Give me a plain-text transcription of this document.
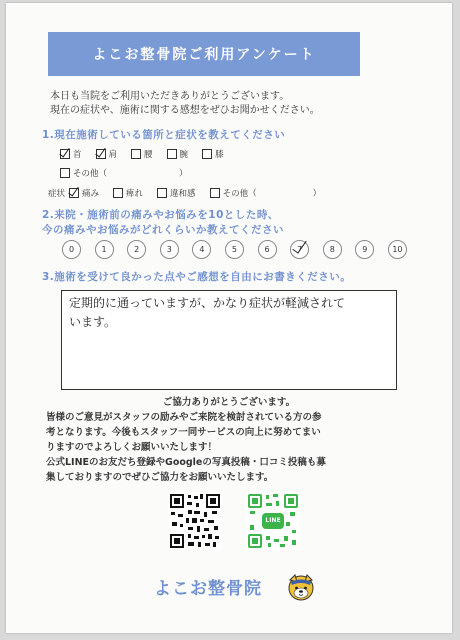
よこお整骨院ご利用アンケート
本日も当院をご利用いただきありがとうございます。
現在の症状や、施術に関する感想をぜひお聞かせください。
1.現在施術している箇所と症状を教えてください
首	肩	腰	腕	膝
その他（	）
症状 痛み	痺れ	違和感	その他（	）
2.来院・施術前の痛みやお悩みを10とした時、
今の痛みやお悩みがどれくらいか教えてください
0	1	2	3	4	5	6	7	8	9	10
3.施術を受けて良かった点やご感想を自由にお書きください。
定期的に通っていますが、かなり症状が軽減されて
います。
ご協力ありがとうございます。
皆様のご意見がスタッフの励みやご来院を検討されている方の参
考となります。今後もスタッフ一同サービスの向上に努めてまい
りますのでよろしくお願いいたします！
公式LINEのお友だち登録やGoogleの写真投稿・口コミ投稿も募
集しておりますのでぜひご協力をお願いいたします。
LINE
よこお整骨院
